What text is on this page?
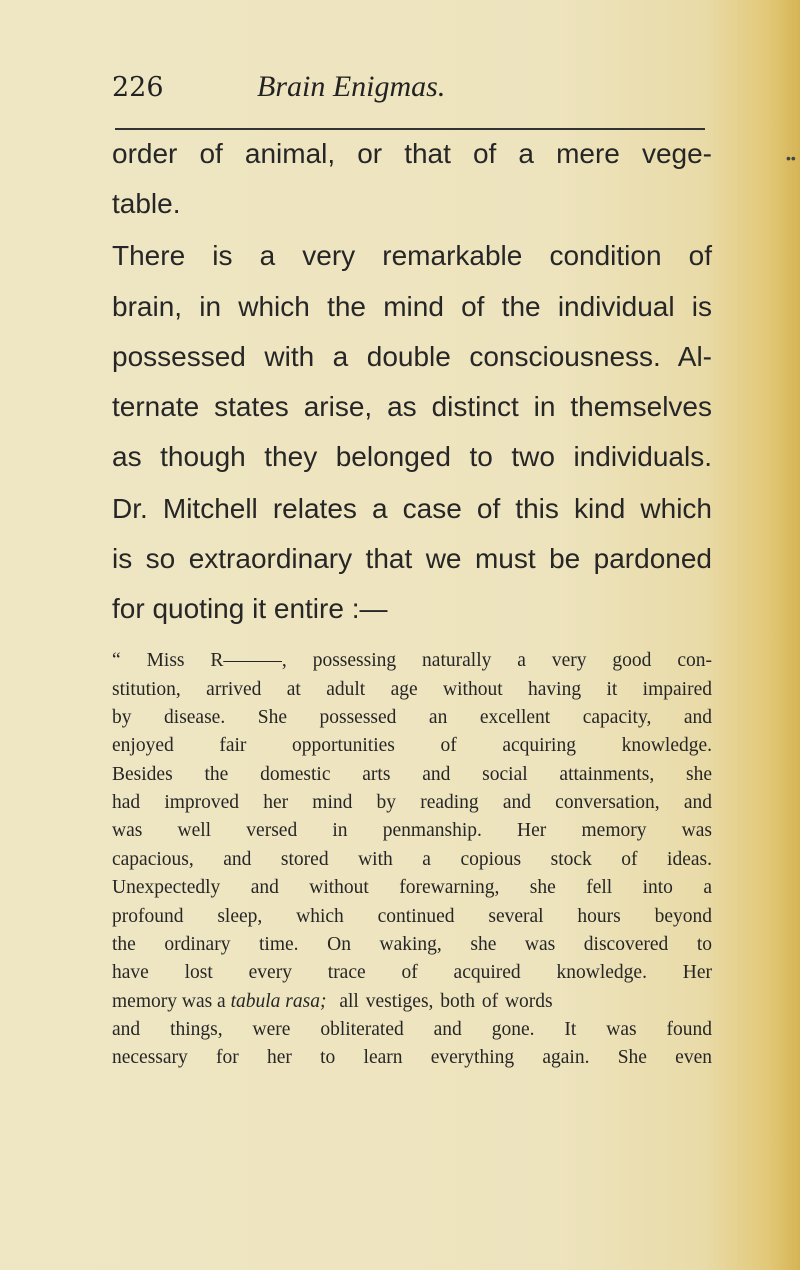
226	Brain Enigmas.
••
order of animal, or that of a mere vege-
table.
There is a very remarkable condition of
brain, in which the mind of the individual is
possessed with a double consciousness. Al-
ternate states arise, as distinct in themselves
as though they belonged to two individuals.
Dr. Mitchell relates a case of this kind which
is so extraordinary that we must be pardoned
for quoting it entire :—
“ Miss R———, possessing naturally a very good con-
stitution, arrived at adult age without having it impaired
by disease. She possessed an excellent capacity, and
enjoyed fair opportunities of acquiring knowledge.
Besides the domestic arts and social attainments, she
had improved her mind by reading and conversation, and
was well versed in penmanship. Her memory was
capacious, and stored with a copious stock of ideas.
Unexpectedly and without forewarning, she fell into a
profound sleep, which continued several hours beyond
the ordinary time. On waking, she was discovered to
have lost every trace of acquired knowledge. Her
memory was a tabula rasa; all vestiges, both of words
and things, were obliterated and gone. It was found
necessary for her to learn everything again. She even
